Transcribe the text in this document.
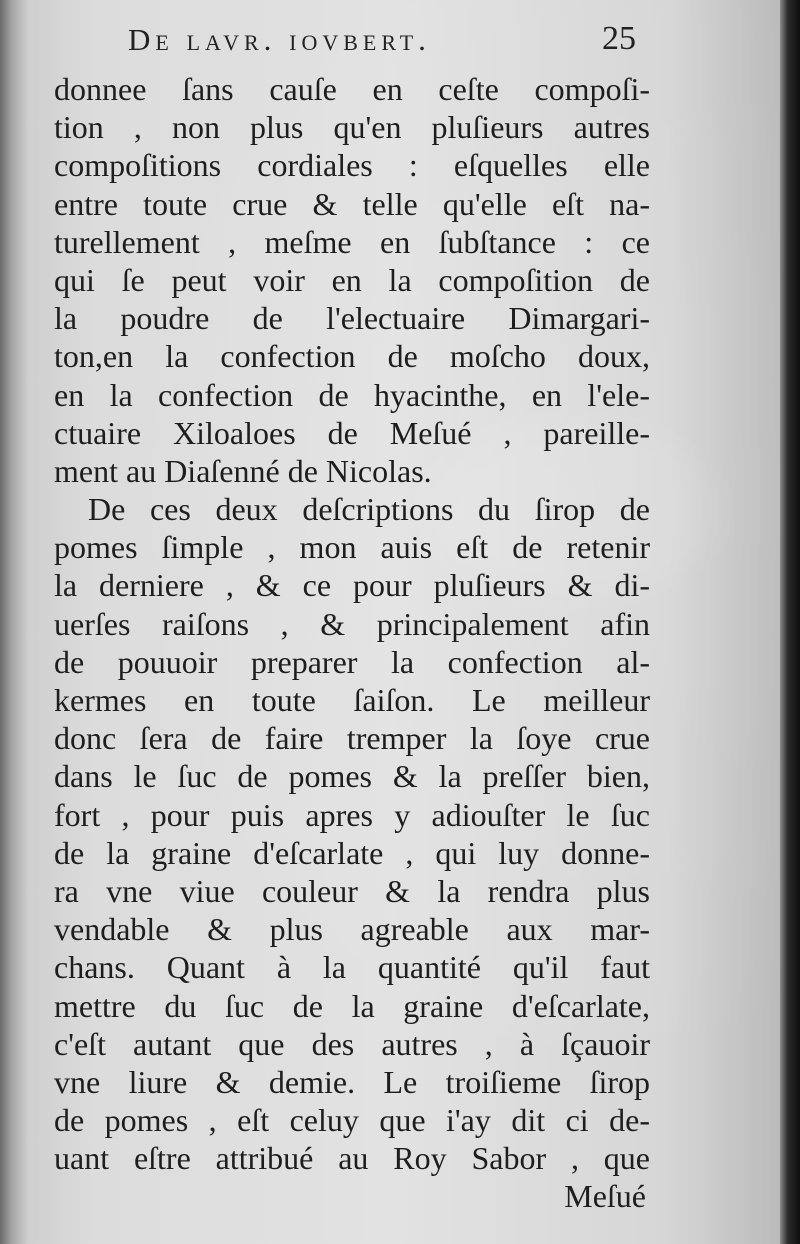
De lavr. iovbert.	25
donnee ſans cauſe en ceſte compoſi-
tion , non plus qu'en pluſieurs autres
compoſitions cordiales : eſquelles elle
entre toute crue & telle qu'elle eſt na-
turellement , meſme en ſubſtance : ce
qui ſe peut voir en la compoſition de
la poudre de l'electuaire Dimargari-
ton,en la confection de moſcho doux,
en la confection de hyacinthe, en l'ele-
ctuaire Xiloaloes de Meſué , pareille-
ment au Diaſenné de Nicolas.
De ces deux deſcriptions du ſirop de
pomes ſimple , mon auis eſt de retenir
la derniere , & ce pour pluſieurs & di-
uerſes raiſons , & principalement afin
de pouuoir preparer la confection al-
kermes en toute ſaiſon. Le meilleur
donc ſera de faire tremper la ſoye crue
dans le ſuc de pomes & la preſſer bien,
fort , pour puis apres y adiouſter le ſuc
de la graine d'eſcarlate , qui luy donne-
ra vne viue couleur & la rendra plus
vendable & plus agreable aux mar-
chans. Quant à la quantité qu'il faut
mettre du ſuc de la graine d'eſcarlate,
c'eſt autant que des autres , à ſçauoir
vne liure & demie. Le troiſieme ſirop
de pomes , eſt celuy que i'ay dit ci de-
uant eſtre attribué au Roy Sabor , que
Meſué
